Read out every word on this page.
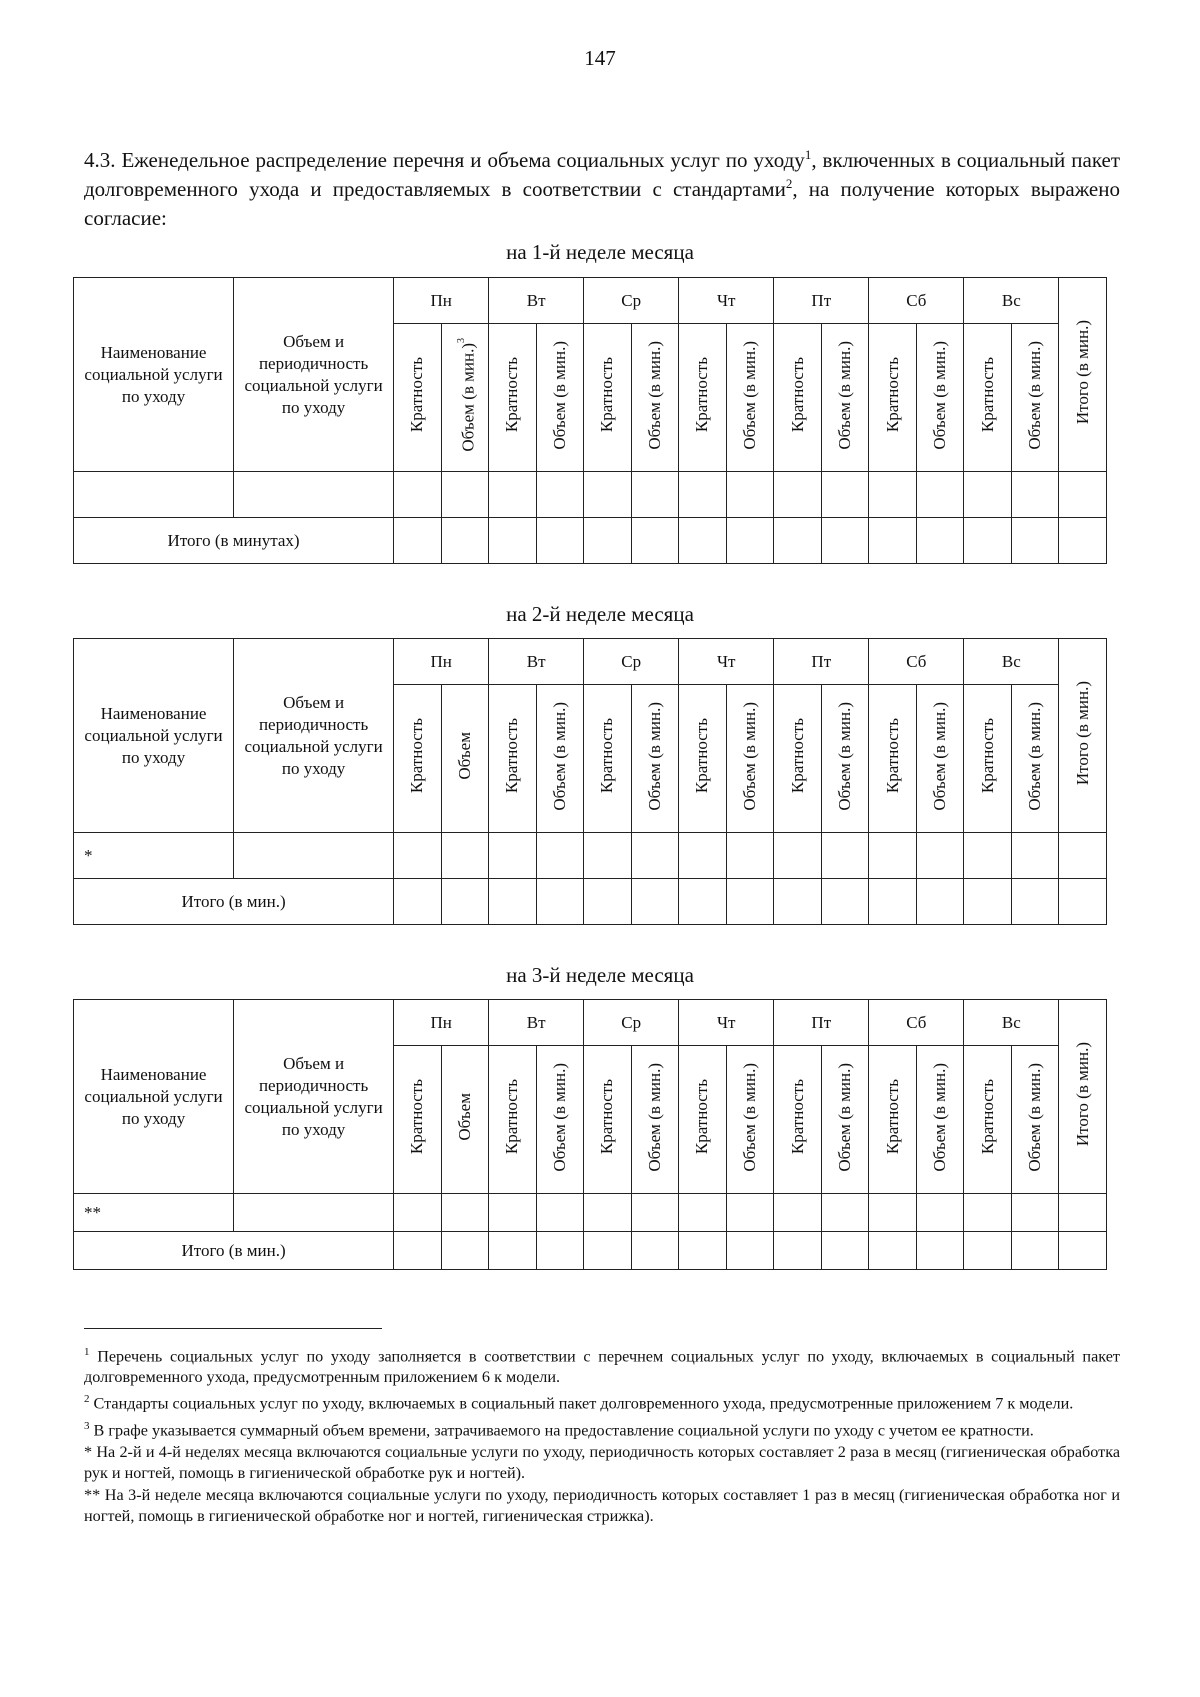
147
4.3. Еженедельное распределение перечня и объема социальных услуг по уходу$^1$, включенных в социальный пакет долговременного ухода и предоставляемых в соответствии с стандартами$^2$, на получение которых выражено согласие:
на 1-й неделе месяца
Наименование социальной услуги по уходу	Объем и периодичность социальной услуги по уходу	Пн		Вт		Ср		Чт		Пт		Сб		Вс		Итого (в мин.)
		Кратность	Объем (в мин.)$^3$	Кратность	Объем (в мин.)	Кратность	Объем (в мин.)	Кратность	Объем (в мин.)	Кратность	Объем (в мин.)	Кратность	Объем (в мин.)	Кратность	Объем (в мин.)	

Итого (в минутах)																
на 2-й неделе месяца
Наименование социальной услуги по уходу	Объем и периодичность социальной услуги по уходу	Пн		Вт		Ср		Чт		Пт		Сб		Вс		Итого (в мин.)
		Кратность	Объем	Кратность	Объем (в мин.)	Кратность	Объем (в мин.)	Кратность	Объем (в мин.)	Кратность	Объем (в мин.)	Кратность	Объем (в мин.)	Кратность	Объем (в мин.)	
*																
Итого (в мин.)																
на 3-й неделе месяца
Наименование социальной услуги по уходу	Объем и периодичность социальной услуги по уходу	Пн		Вт		Ср		Чт		Пт		Сб		Вс		Итого (в мин.)
		Кратность	Объем	Кратность	Объем (в мин.)	Кратность	Объем (в мин.)	Кратность	Объем (в мин.)	Кратность	Объем (в мин.)	Кратность	Объем (в мин.)	Кратность	Объем (в мин.)	
**																
Итого (в мин.)																

$^1$ Перечень социальных услуг по уходу заполняется в соответствии с перечнем социальных услуг по уходу, включаемых в социальный пакет долговременного ухода, предусмотренным приложением 6 к модели.

$^2$ Стандарты социальных услуг по уходу, включаемых в социальный пакет долговременного ухода, предусмотренные приложением 7 к модели.

$^3$ В графе указывается суммарный объем времени, затрачиваемого на предоставление социальной услуги по уходу с учетом ее кратности.

* На 2-й и 4-й неделях месяца включаются социальные услуги по уходу, периодичность которых составляет 2 раза в месяц (гигиеническая обработка рук и ногтей, помощь в гигиенической обработке рук и ногтей).

** На 3-й неделе месяца включаются социальные услуги по уходу, периодичность которых составляет 1 раз в месяц (гигиеническая обработка ног и ногтей, помощь в гигиенической обработке ног и ногтей, гигиеническая стрижка).
